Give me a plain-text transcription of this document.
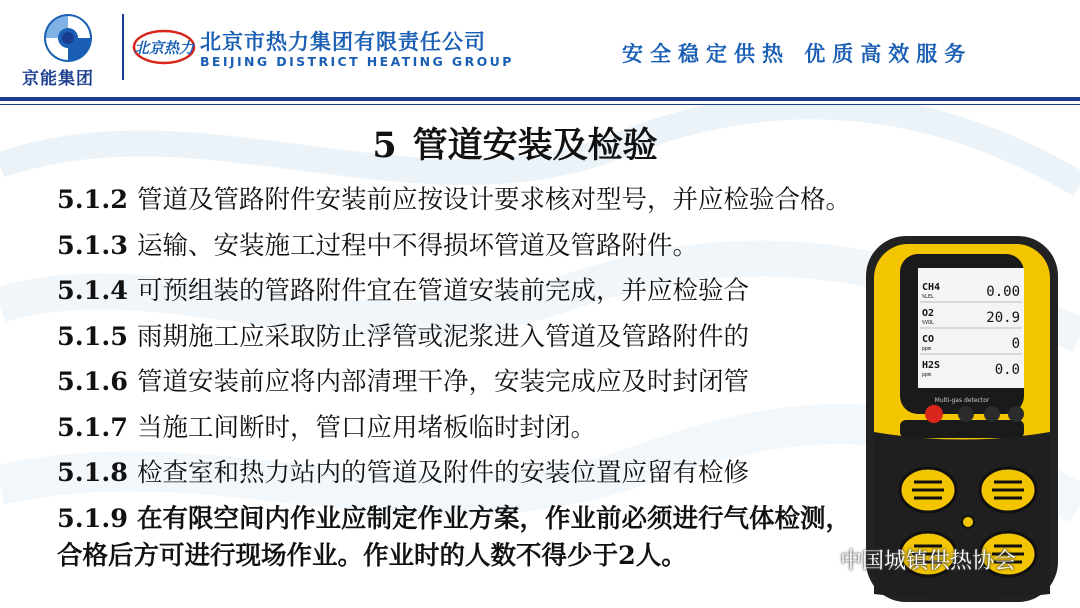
京能集团
北京热力 北京市热力集团有限责任公司
BEIJING DISTRICT HEATING GROUP	安全稳定供热 优质高效服务
5 管道安装及检验
5.1.2 管道及管路附件安装前应按设计要求核对型号，并应检验合格。
5.1.3 运输、安装施工过程中不得损坏管道及管路附件。
5.1.4 可预组装的管路附件宜在管道安装前完成，并应检验合
5.1.5 雨期施工应采取防止浮管或泥浆进入管道及管路附件的
5.1.6 管道安装前应将内部清理干净，安装完成应及时封闭管
5.1.7 当施工间断时，管口应用堵板临时封闭。
5.1.8 检查室和热力站内的管道及附件的安装位置应留有检修
5.1.9 在有限空间内作业应制定作业方案，作业前必须进行气体检测，合格后方可进行现场作业。作业时的人数不得少于2人。
CH4
%LEL	0.00
O2
%VOL	20.9
CO
ppm	0
H2S
ppm	0.0
Multi-gas detector
中国城镇供热协会
